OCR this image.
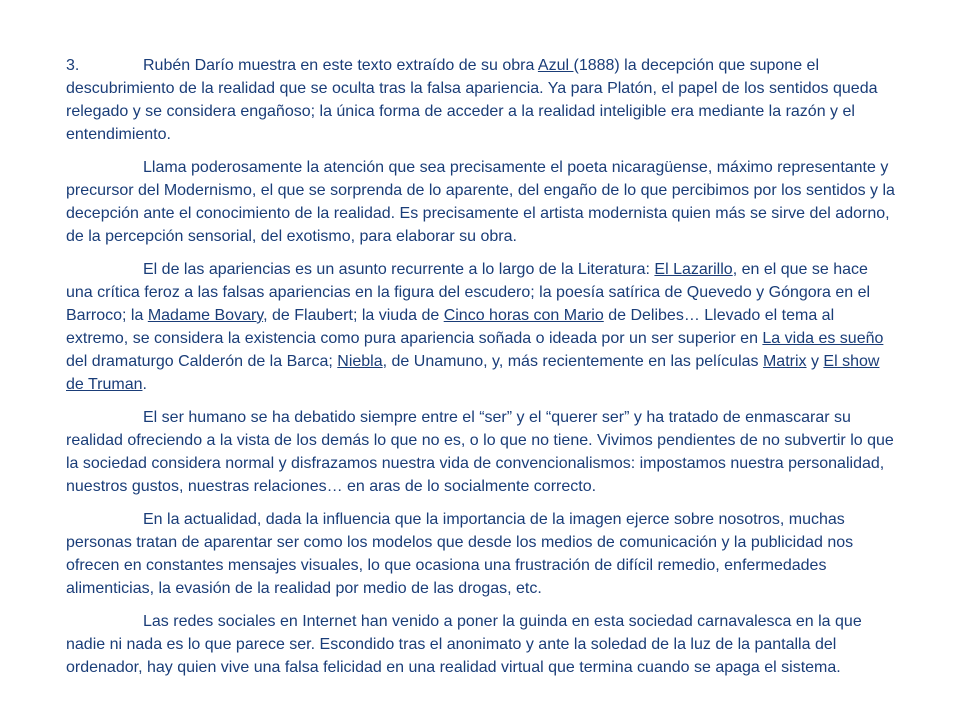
3.	Rubén Darío muestra en este texto extraído de su obra Azul (1888) la decepción que supone el descubrimiento de la realidad que se oculta tras la falsa apariencia. Ya para Platón, el papel de los sentidos queda relegado y se considera engañoso; la única forma de acceder a la realidad inteligible era mediante la razón y el entendimiento.

Llama poderosamente la atención que sea precisamente el poeta nicaragüense, máximo representante y precursor del Modernismo, el que se sorprenda de lo aparente, del engaño de lo que percibimos por los sentidos y la decepción ante el conocimiento de la realidad. Es precisamente el artista modernista quien más se sirve del adorno, de la percepción sensorial, del exotismo, para elaborar su obra.

El de las apariencias es un asunto recurrente a lo largo de la Literatura: El Lazarillo, en el que se hace una crítica feroz a las falsas apariencias en la figura del escudero; la poesía satírica de Quevedo y Góngora en el Barroco; la Madame Bovary, de Flaubert; la viuda de Cinco horas con Mario de Delibes… Llevado el tema al extremo, se considera la existencia como pura apariencia soñada o ideada por un ser superior en La vida es sueño del dramaturgo Calderón de la Barca; Niebla, de Unamuno, y, más recientemente en las películas Matrix y El show de Truman.

El ser humano se ha debatido siempre entre el “ser” y el “querer ser” y ha tratado de enmascarar su realidad ofreciendo a la vista de los demás lo que no es, o lo que no tiene. Vivimos pendientes de no subvertir lo que la sociedad considera normal y disfrazamos nuestra vida de convencionalismos: impostamos nuestra personalidad, nuestros gustos, nuestras relaciones… en aras de lo socialmente correcto.

En la actualidad, dada la influencia que la importancia de la imagen ejerce sobre nosotros, muchas personas tratan de aparentar ser como los modelos que desde los medios de comunicación y la publicidad nos ofrecen en constantes mensajes visuales, lo que ocasiona una frustración de difícil remedio, enfermedades alimenticias, la evasión de la realidad por medio de las drogas, etc.

Las redes sociales en Internet han venido a poner la guinda en esta sociedad carnavalesca en la que nadie ni nada es lo que parece ser. Escondido tras el anonimato y ante la soledad de la luz de la pantalla del ordenador, hay quien vive una falsa felicidad en una realidad virtual que termina cuando se apaga el sistema.
